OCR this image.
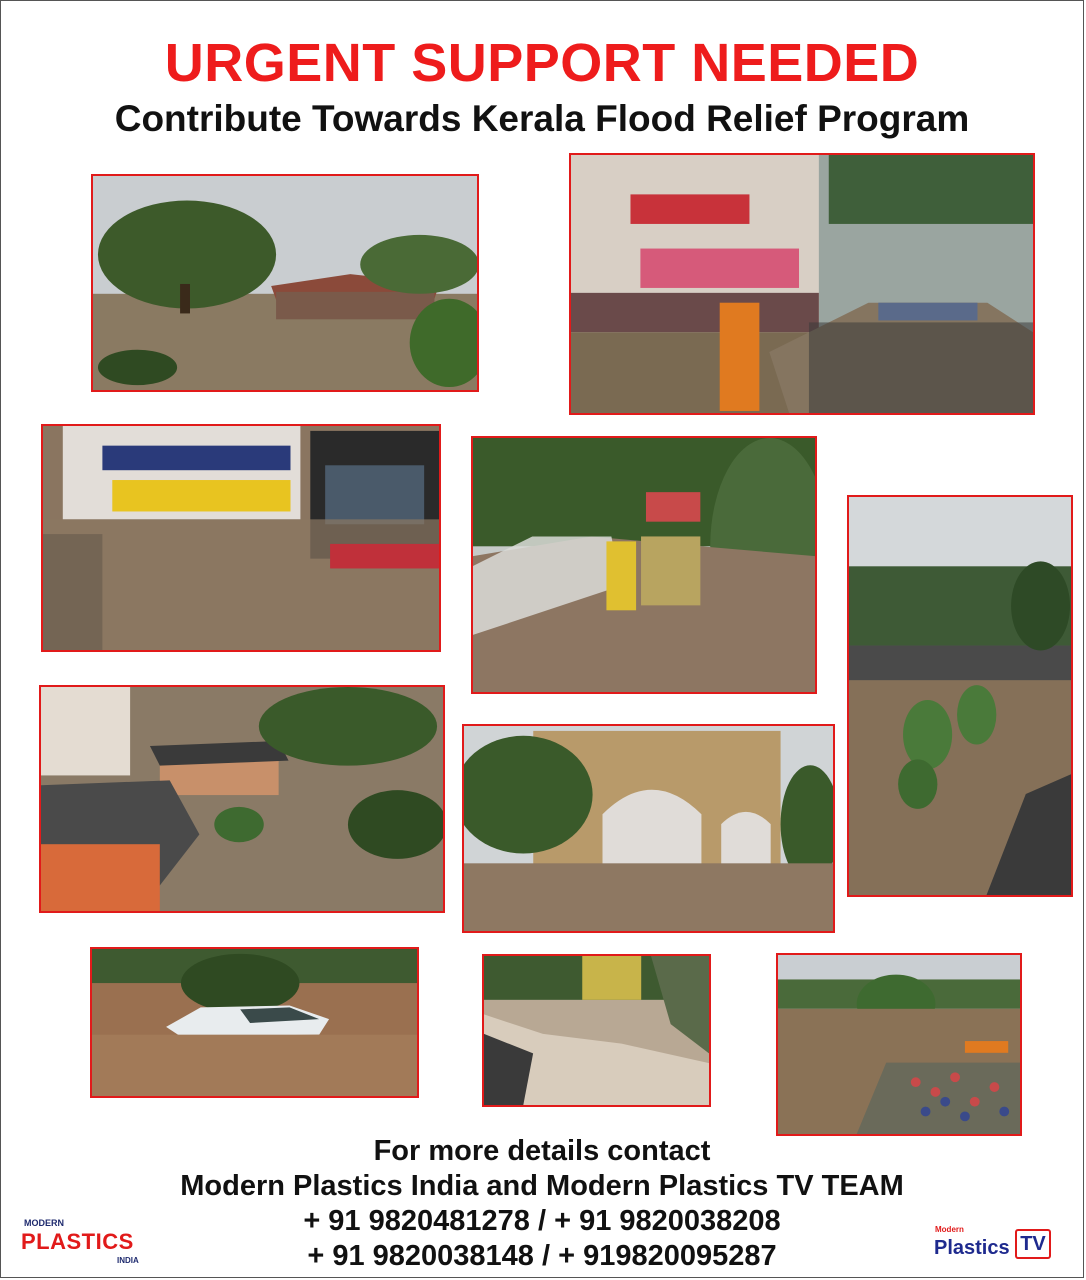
URGENT SUPPORT NEEDED
Contribute Towards Kerala Flood Relief Program
For more details contact
Modern Plastics India and Modern Plastics TV TEAM
+ 91 9820481278 / + 91 9820038208
+ 91 9820038148 / + 919820095287
MODERN
PLASTICS
INDIA
Modern
Plastics TV
